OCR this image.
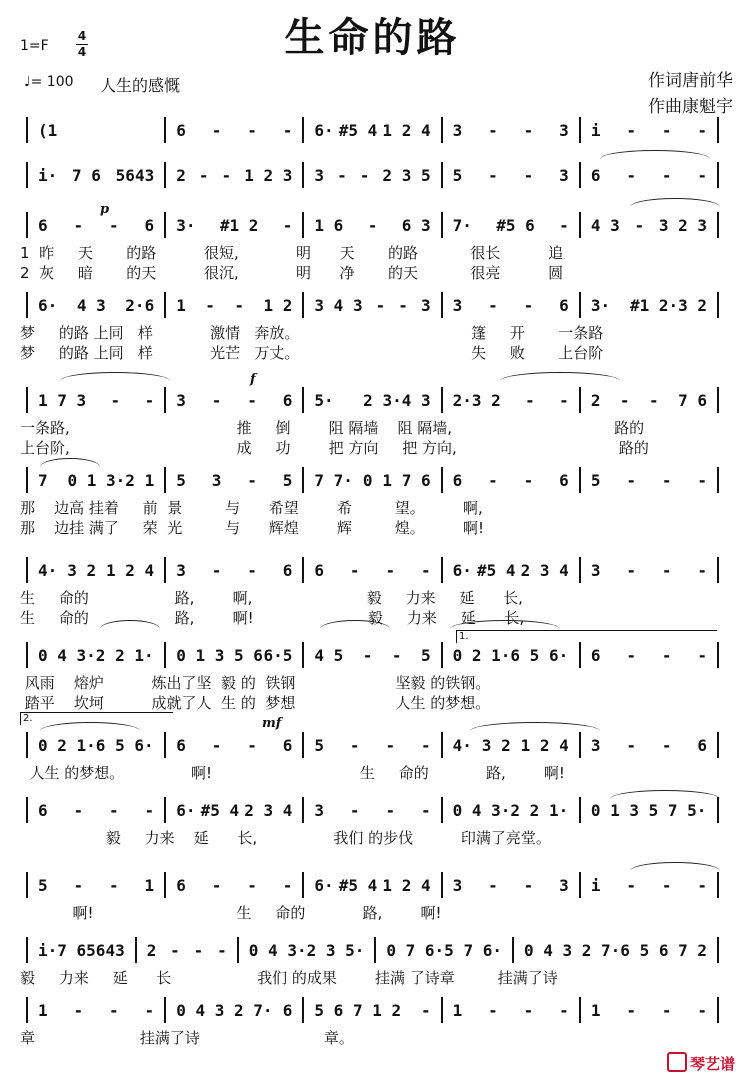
生命的路
1=F
4
4
♩= 100 人生的感慨	作词唐前华
作曲康魁宇
(1	6 - - - 6· #5 4 1 2 4 3 - - 3 i - - -
i· 7 6 5643 2 - - 1 2 3 3 - - 2 3 5 5 - - 3 6 - - -
6 - - 6 3· #1 2 - 1 6 - 6 3 7· #5 6 - 4 3 - 3 2 3
1  昨     天       的路          很短,            明      天       的路           很长          追
2  灰     暗       的天          很沉,            明      净       的天           很亮          圆
6· 4 3 2·6 1 - - 1 2 3 4 3 - - 3 3 - - 6 3· #1 2·3 2
梦     的路 上同   样            激情   奔放。                                    篷     开       一条路
梦     的路 上同   样            光芒   万丈。                                    失     败       上台阶
1 7 3 - - 3 - - 6 5· 2 3·4 3 2·3 2 - - 2 - - 7 6
一条路,                                   推     倒        阻 隔墙    阻 隔墙,                                  路的
上台阶,                                   成     功        把 方向     把 方向,                                  路的
7 0 1 3·2 1 5 3 - 5 7 7· 0 1 7 6 6 - - 6 5 - - -
那    边高 挂着     前  景         与      希望        希         望。        啊,
那    边挂 满了     荣  光         与      辉煌        辉         煌。        啊!
4· 3 2 1 2 4 3 - - 6 6 - - - 6· #5 4 2 3 4 3 - - -
生     命的                  路,        啊,                        毅     力来     延      长,
生     命的                  路,        啊!                        毅     力来     延      长,
0 4 3·2 2 1· 0 1 3 5 6 6·5 4 5 - - 5 0 2 1·6 5 6· 6 - - -
风雨    熔炉          炼出了坚  毅 的  铁钢                     坚毅 的铁钢。
踏平    坎坷          成就了人  生 的  梦想                     人生 的梦想。
0 2 1·6 5 6· 6 - - 6 5 - - - 4· 3 2 1 2 4 3 - - 6
人生 的梦想。              啊!                               生     命的            路,        啊!
6 - - - 6· #5 4 2 3 4 3 - - - 0 4 3·2 2 1· 0 1 3 5 7 5·
毅     力来    延      长,                我们 的步伐          印满了亮堂。
5 - - 1 6 - - - 6· #5 4 1 2 4 3 - - 3 i - - -
啊!                              生     命的            路,        啊!
i· 7 6 5643 2 - - - 0 4 3·2 3 5· 0 7 6·5 7 6· 0 4 3 2 7·6 5 6 7 2
毅     力来     延      长                  我们 的成果        挂满 了诗章         挂满了诗
1 - - - 0 4 3 2 7· 6 5 6 7 1 2 - 1 - - - 1 - - -
章                      挂满了诗                          章。
p
f
mf
1.
2.
琴艺谱
